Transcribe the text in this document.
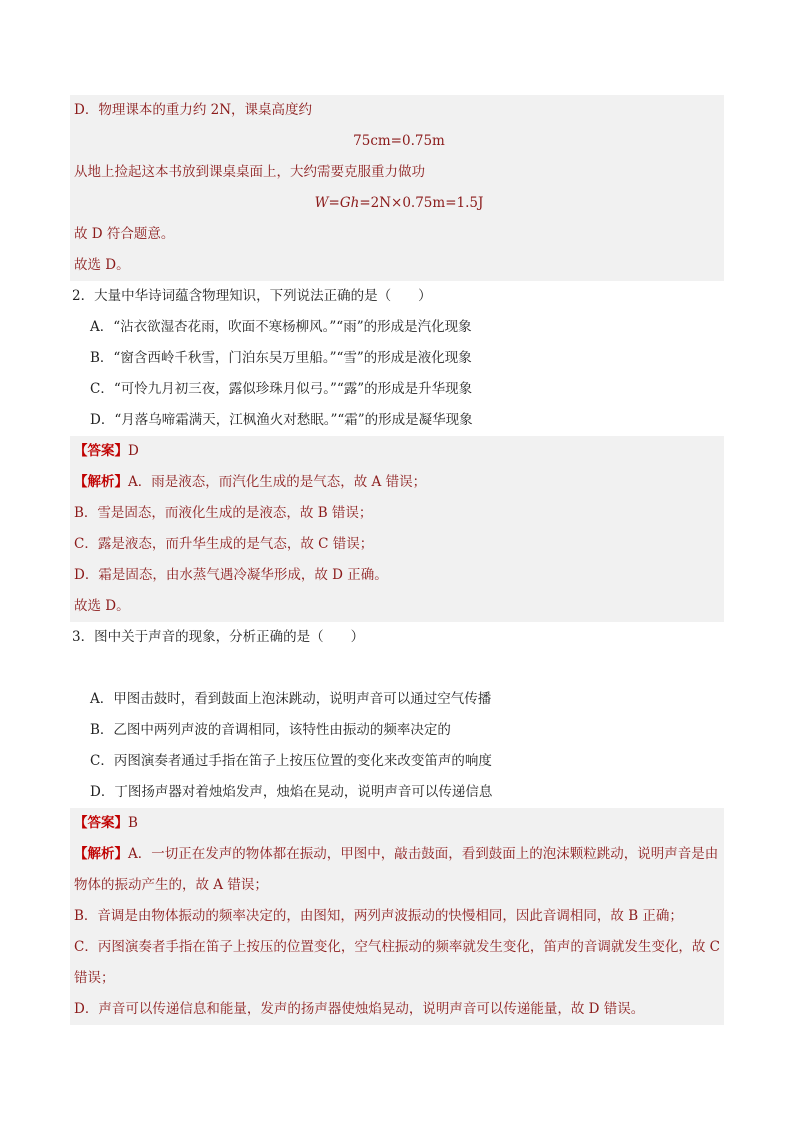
D．物理课本的重力约 2N，课桌高度约
75cm=0.75m
从地上捡起这本书放到课桌桌面上，大约需要克服重力做功
W=Gh=2N×0.75m=1.5J
故 D 符合题意。
故选 D。
2．大量中华诗词蕴含物理知识，下列说法正确的是（　　）
A．“沾衣欲湿杏花雨，吹面不寒杨柳风。”“雨”的形成是汽化现象
B．“窗含西岭千秋雪，门泊东吴万里船。”“雪”的形成是液化现象
C．“可怜九月初三夜，露似珍珠月似弓。”“露”的形成是升华现象
D．“月落乌啼霜满天，江枫渔火对愁眠。”“霜”的形成是凝华现象
【答案】D
【解析】A．雨是液态，而汽化生成的是气态，故 A 错误；
B．雪是固态，而液化生成的是液态，故 B 错误；
C．露是液态，而升华生成的是气态，故 C 错误；
D．霜是固态，由水蒸气遇冷凝华形成，故 D 正确。
故选 D。
3．图中关于声音的现象，分析正确的是（　　）
A．甲图击鼓时，看到鼓面上泡沫跳动，说明声音可以通过空气传播
B．乙图中两列声波的音调相同，该特性由振动的频率决定的
C．丙图演奏者通过手指在笛子上按压位置的变化来改变笛声的响度
D．丁图扬声器对着烛焰发声，烛焰在晃动，说明声音可以传递信息
【答案】B
【解析】A．一切正在发声的物体都在振动，甲图中，敲击鼓面，看到鼓面上的泡沫颗粒跳动，说明声音是由物体的振动产生的，故 A 错误；
B．音调是由物体振动的频率决定的，由图知，两列声波振动的快慢相同，因此音调相同，故 B 正确；
C．丙图演奏者手指在笛子上按压的位置变化，空气柱振动的频率就发生变化，笛声的音调就发生变化，故 C 错误；
D．声音可以传递信息和能量，发声的扬声器使烛焰晃动，说明声音可以传递能量，故 D 错误。
